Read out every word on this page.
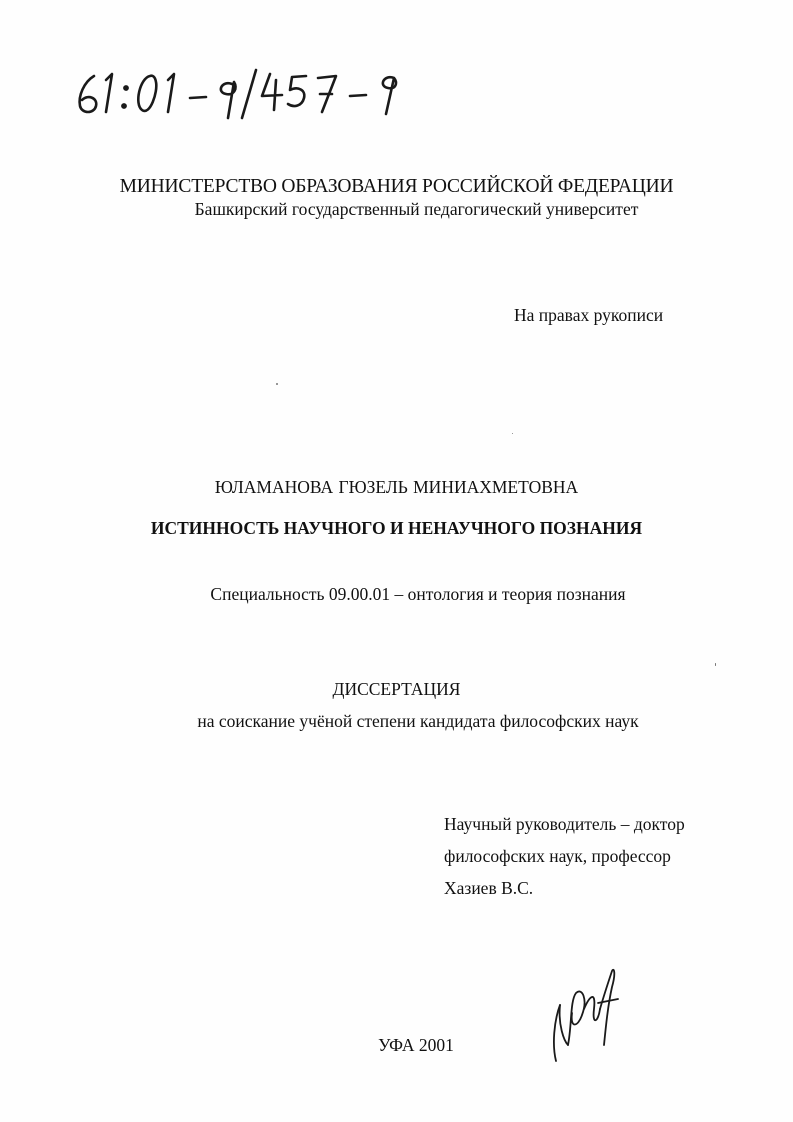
МИНИСТЕРСТВО ОБРАЗОВАНИЯ РОССИЙСКОЙ ФЕДЕРАЦИИ
Башкирский государственный педагогический университет
На правах рукописи
ЮЛАМАНОВА ГЮЗЕЛЬ МИНИАХМЕТОВНА
ИСТИННОСТЬ НАУЧНОГО И НЕНАУЧНОГО ПОЗНАНИЯ
Специальность 09.00.01 – онтология и теория познания
ДИССЕРТАЦИЯ
на соискание учёной степени кандидата философских наук
Научный руководитель – доктор
философских наук, профессор
Хазиев В.С.
УФА 2001
